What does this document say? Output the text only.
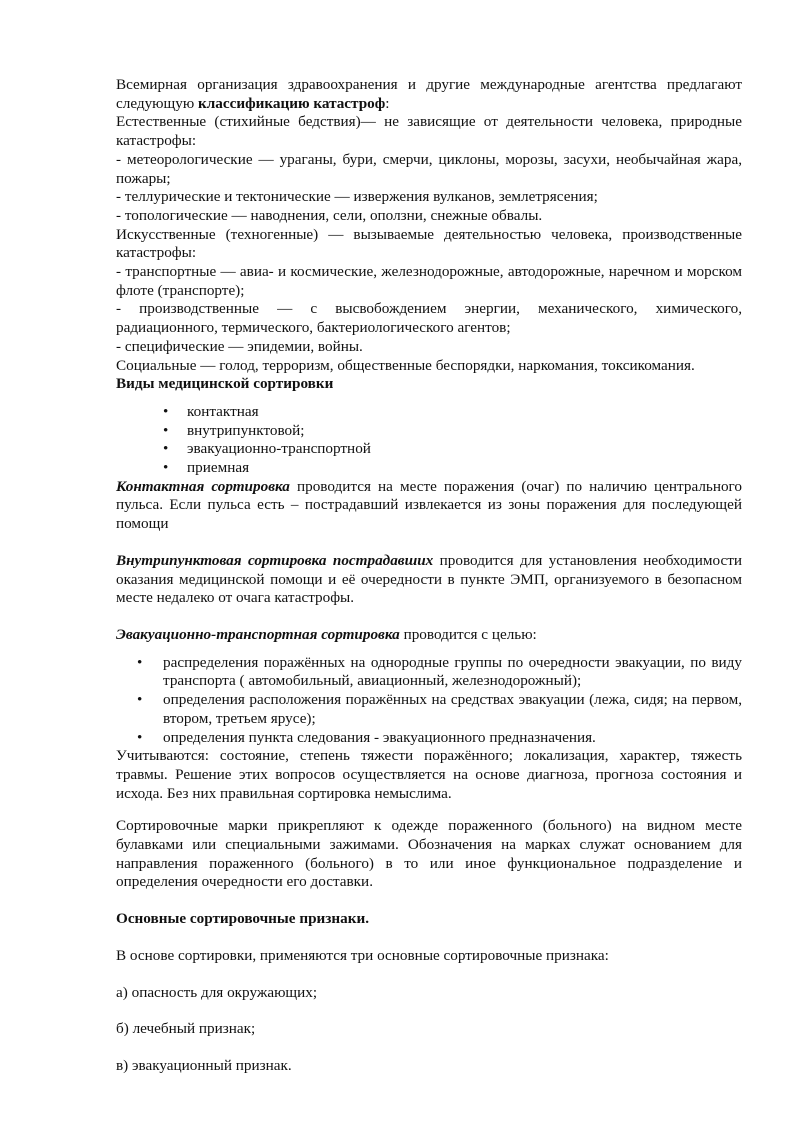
Всемирная организация здравоохранения и другие международные агентства предлагают следующую классификацию катастроф:

Естественные (стихийные бедствия)— не зависящие от деятельности человека, природные катастрофы:

- метеорологические — ураганы, бури, смерчи, циклоны, морозы, засухи, необычайная жара, пожары;

- теллурические и тектонические — извержения вулканов, землетрясения;

- топологические — наводнения, сели, оползни, снежные обвалы.

Искусственные (техногенные) — вызываемые деятельностью человека, производственные катастрофы:

- транспортные — авиа- и космические, железнодорожные, автодорожные, наречном и морском флоте (транспорте);

- производственные — с высвобождением энергии, механического, химического, радиационного, термического, бактериологического агентов;

- специфические — эпидемии, войны.

Социальные — голод, терроризм, общественные беспорядки, наркомания, токсикомания.

Виды медицинской сортировки

• контактная
• внутрипунктовой;
• эвакуационно-транспортной
• приемная

Контактная сортировка проводится на месте поражения (очаг) по наличию центрального пульса. Если пульса есть – пострадавший извлекается из зоны поражения для последующей помощи

Внутрипунктовая сортировка пострадавших проводится для установления необходимости оказания медицинской помощи и её очередности в пункте ЭМП, организуемого в безопасном месте недалеко от очага катастрофы.

Эвакуационно-транспортная сортировка проводится с целью:

• распределения поражённых на однородные группы по очередности эвакуации, по виду транспорта ( автомобильный, авиационный, железнодорожный);
• определения расположения поражённых на средствах эвакуации (лежа, сидя; на первом, втором, третьем ярусе);
• определения пункта следования - эвакуационного предназначения.

Учитываются: состояние, степень тяжести поражённого; локализация, характер, тяжесть травмы. Решение этих вопросов осуществляется на основе диагноза, прогноза состояния и исхода. Без них правильная сортировка немыслима.

Сортировочные марки прикрепляют к одежде пораженного (больного) на видном месте булавками или специальными зажимами. Обозначения на марках служат основанием для направления пораженного (больного) в то или иное функциональное подразделение и определения очередности его доставки.

Основные сортировочные признаки.

В основе сортировки, применяются три основные сортировочные признака:

а) опасность для окружающих;

б) лечебный признак;

в) эвакуационный признак.
